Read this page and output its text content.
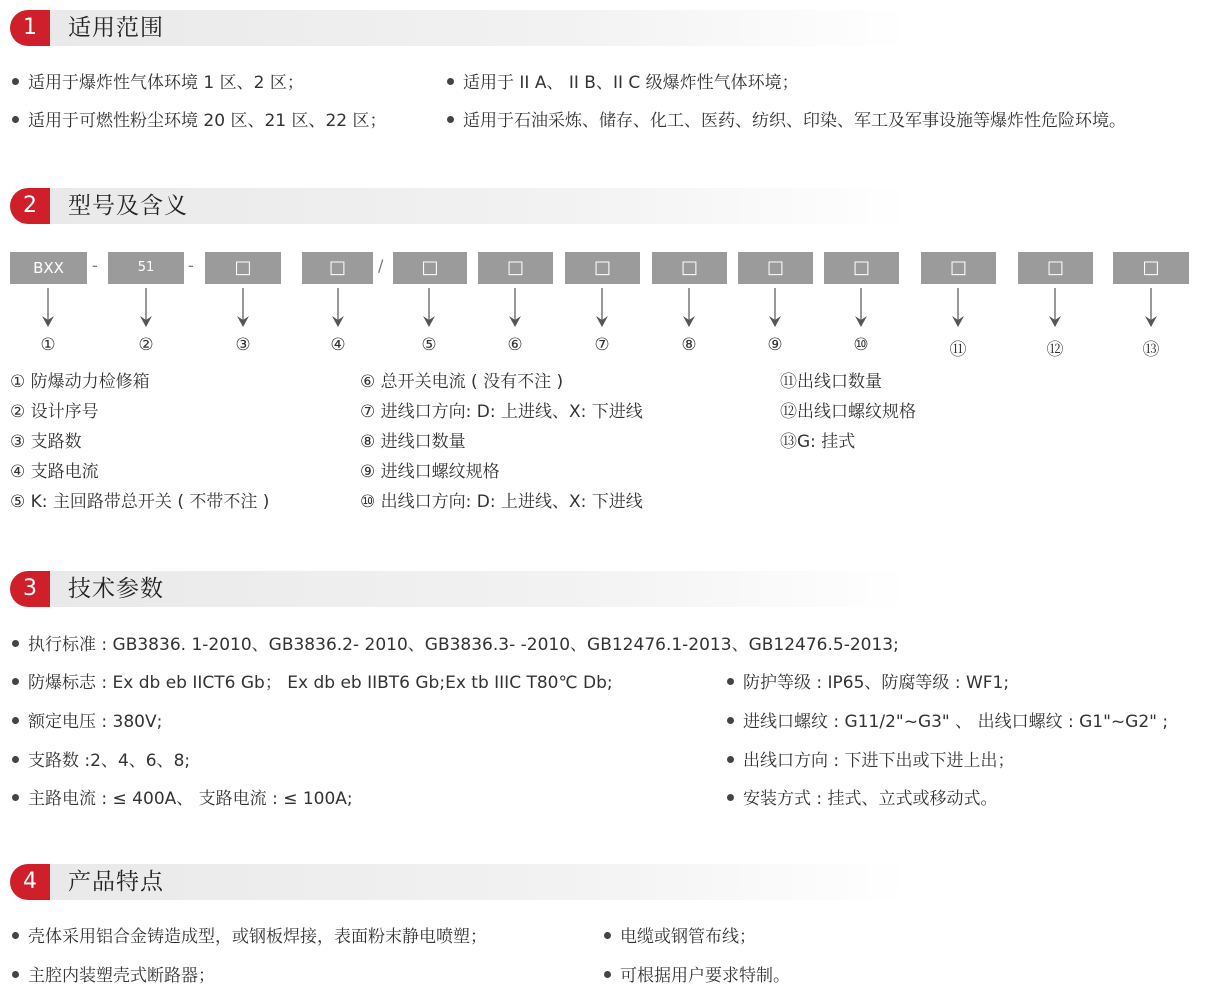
1	适用范围
适用于爆炸性气体环境 1 区、2 区；
适用于可燃性粉尘环境 20 区、21 区、22 区；
适用于 II A、 II B、II C 级爆炸性气体环境；
适用于石油采炼、储存、化工、医药、纺织、印染、军工及军事设施等爆炸性危险环境。
2	型号及含义
BXX	-	51	-	□	□	/	□	□	□	□	□	□	□	□	□
①	②	③	④	⑤	⑥	⑦	⑧	⑨	⑩	⑪	⑫	⑬
① 防爆动力检修箱
② 设计序号
③ 支路数
④ 支路电流
⑤ K: 主回路带总开关 ( 不带不注 )
⑥ 总开关电流 ( 没有不注 )
⑦ 进线口方向: D: 上进线、X: 下进线
⑧ 进线口数量
⑨ 进线口螺纹规格
⑩ 出线口方向: D: 上进线、X: 下进线
⑪出线口数量
⑫出线口螺纹规格
⑬G: 挂式
3	技术参数
执行标准 : GB3836. 1-2010、GB3836.2- 2010、GB3836.3- -2010、GB12476.1-2013、GB12476.5-2013;
防爆标志 : Ex db eb IICT6 Gb； Ex db eb IIBT6 Gb;Ex tb IIIC T80℃ Db;
额定电压 : 380V;
支路数 :2、4、6、8;
主路电流 : ≤ 400A、 支路电流 : ≤ 100A;
防护等级 : IP65、防腐等级 : WF1;
进线口螺纹 : G11/2"~G3" 、 出线口螺纹 : G1"~G2" ;
出线口方向 : 下进下出或下进上出；
安装方式 : 挂式、立式或移动式。
4	产品特点
壳体采用铝合金铸造成型，或钢板焊接，表面粉末静电喷塑；
主腔内装塑壳式断路器；
电缆或钢管布线；
可根据用户要求特制。
